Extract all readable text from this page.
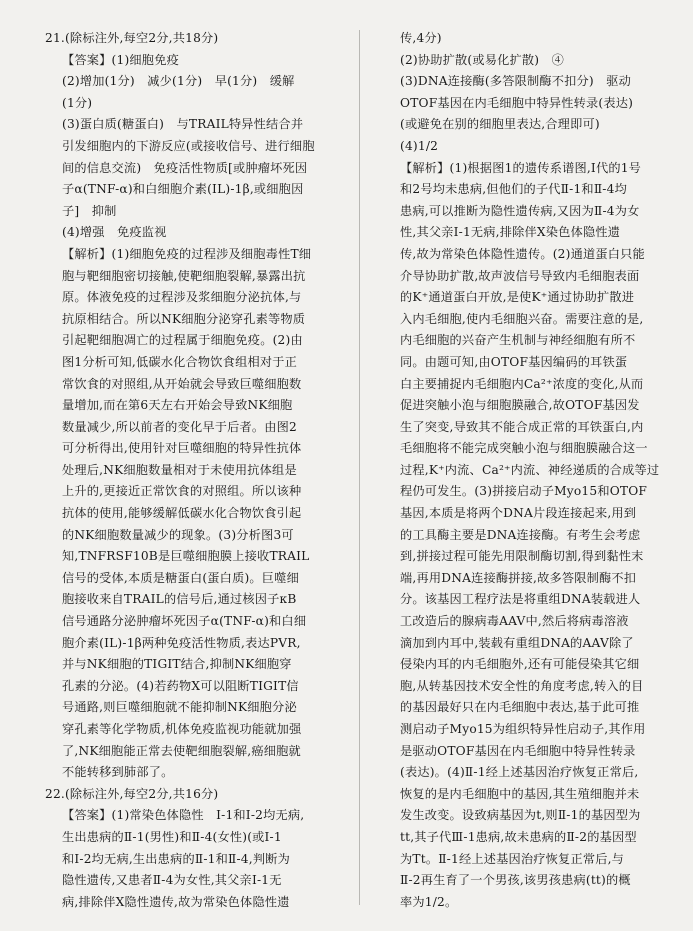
21.(除标注外,每空2分,共18分)
【答案】(1)细胞免疫
(2)增加(1分)　减少(1分)　早(1分)　缓解
(1分)
(3)蛋白质(糖蛋白)　与TRAIL特异性结合并
引发细胞内的下游反应(或接收信号、进行细胞
间的信息交流)　免疫活性物质[或肿瘤坏死因
子α(TNF-α)和白细胞介素(IL)-1β,或细胞因
子]　抑制
(4)增强　免疫监视
【解析】(1)细胞免疫的过程涉及细胞毒性T细
胞与靶细胞密切接触,使靶细胞裂解,暴露出抗
原。体液免疫的过程涉及浆细胞分泌抗体,与
抗原相结合。所以NK细胞分泌穿孔素等物质
引起靶细胞凋亡的过程属于细胞免疫。(2)由
图1分析可知,低碳水化合物饮食组相对于正
常饮食的对照组,从开始就会导致巨噬细胞数
量增加,而在第6天左右开始会导致NK细胞
数量减少,所以前者的变化早于后者。由图2
可分析得出,使用针对巨噬细胞的特异性抗体
处理后,NK细胞数量相对于未使用抗体组是
上升的,更接近正常饮食的对照组。所以该种
抗体的使用,能够缓解低碳水化合物饮食引起
的NK细胞数量减少的现象。(3)分析图3可
知,TNFRSF10B是巨噬细胞膜上接收TRAIL
信号的受体,本质是糖蛋白(蛋白质)。巨噬细
胞接收来自TRAIL的信号后,通过核因子κB
信号通路分泌肿瘤坏死因子α(TNF-α)和白细
胞介素(IL)-1β两种免疫活性物质,表达PVR,
并与NK细胞的TIGIT结合,抑制NK细胞穿
孔素的分泌。(4)若药物X可以阻断TIGIT信
号通路,则巨噬细胞就不能抑制NK细胞分泌
穿孔素等化学物质,机体免疫监视功能就加强
了,NK细胞能正常去使靶细胞裂解,癌细胞就
不能转移到肺部了。
22.(除标注外,每空2分,共16分)
【答案】(1)常染色体隐性　Ⅰ-1和Ⅰ-2均无病,
生出患病的Ⅱ-1(男性)和Ⅱ-4(女性)(或Ⅰ-1
和Ⅰ-2均无病,生出患病的Ⅱ-1和Ⅱ-4,判断为
隐性遗传,又患者Ⅱ-4为女性,其父亲Ⅰ-1无
病,排除伴X隐性遗传,故为常染色体隐性遗
传,4分)
(2)协助扩散(或易化扩散)　④
(3)DNA连接酶(多答限制酶不扣分)　驱动
OTOF基因在内毛细胞中特异性转录(表达)
(或避免在别的细胞里表达,合理即可)
(4)1/2
【解析】(1)根据图1的遗传系谱图,Ⅰ代的1号
和2号均未患病,但他们的子代Ⅱ-1和Ⅱ-4均
患病,可以推断为隐性遗传病,又因为Ⅱ-4为女
性,其父亲Ⅰ-1无病,排除伴X染色体隐性遗
传,故为常染色体隐性遗传。(2)通道蛋白只能
介导协助扩散,故声波信号导致内毛细胞表面
的K⁺通道蛋白开放,是使K⁺通过协助扩散进
入内毛细胞,使内毛细胞兴奋。需要注意的是,
内毛细胞的兴奋产生机制与神经细胞有所不
同。由题可知,由OTOF基因编码的耳铁蛋
白主要捕捉内毛细胞内Ca²⁺浓度的变化,从而
促进突触小泡与细胞膜融合,故OTOF基因发
生了突变,导致其不能合成正常的耳铁蛋白,内
毛细胞将不能完成突触小泡与细胞膜融合这一
过程,K⁺内流、Ca²⁺内流、神经递质的合成等过
程仍可发生。(3)拼接启动子Myo15和OTOF
基因,本质是将两个DNA片段连接起来,用到
的工具酶主要是DNA连接酶。有考生会考虑
到,拼接过程可能先用限制酶切割,得到黏性末
端,再用DNA连接酶拼接,故多答限制酶不扣
分。该基因工程疗法是将重组DNA装载进人
工改造后的腺病毒AAV中,然后将病毒溶液
滴加到内耳中,装载有重组DNA的AAV除了
侵染内耳的内毛细胞外,还有可能侵染其它细
胞,从转基因技术安全性的角度考虑,转入的目
的基因最好只在内毛细胞中表达,基于此可推
测启动子Myo15为组织特异性启动子,其作用
是驱动OTOF基因在内毛细胞中特异性转录
(表达)。(4)Ⅱ-1经上述基因治疗恢复正常后,
恢复的是内毛细胞中的基因,其生殖细胞并未
发生改变。设致病基因为t,则Ⅱ-1的基因型为
tt,其子代Ⅲ-1患病,故未患病的Ⅱ-2的基因型
为Tt。Ⅱ-1经上述基因治疗恢复正常后,与
Ⅱ-2再生育了一个男孩,该男孩患病(tt)的概
率为1/2。
